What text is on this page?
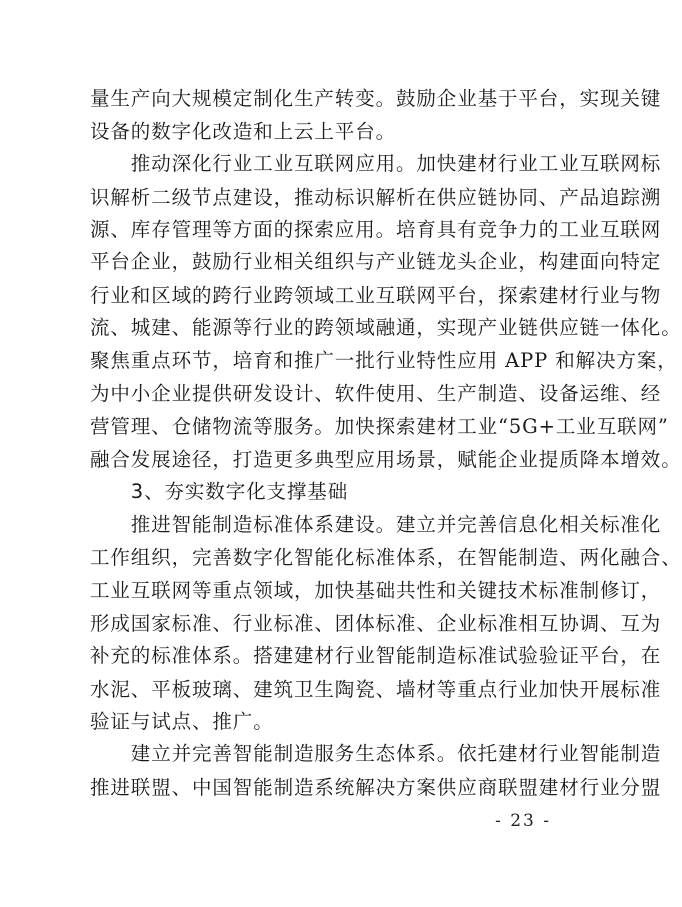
量生产向大规模定制化生产转变。鼓励企业基于平台，实现关键
设备的数字化改造和上云上平台。
　　推动深化行业工业互联网应用。加快建材行业工业互联网标
识解析二级节点建设，推动标识解析在供应链协同、产品追踪溯
源、库存管理等方面的探索应用。培育具有竞争力的工业互联网
平台企业，鼓励行业相关组织与产业链龙头企业，构建面向特定
行业和区域的跨行业跨领域工业互联网平台，探索建材行业与物
流、城建、能源等行业的跨领域融通，实现产业链供应链一体化。
聚焦重点环节，培育和推广一批行业特性应用 APP 和解决方案，
为中小企业提供研发设计、软件使用、生产制造、设备运维、经
营管理、仓储物流等服务。加快探索建材工业“5G+工业互联网”
融合发展途径，打造更多典型应用场景，赋能企业提质降本增效。
　　3、夯实数字化支撑基础
　　推进智能制造标准体系建设。建立并完善信息化相关标准化
工作组织，完善数字化智能化标准体系，在智能制造、两化融合、
工业互联网等重点领域，加快基础共性和关键技术标准制修订，
形成国家标准、行业标准、团体标准、企业标准相互协调、互为
补充的标准体系。搭建建材行业智能制造标准试验验证平台，在
水泥、平板玻璃、建筑卫生陶瓷、墙材等重点行业加快开展标准
验证与试点、推广。
　　建立并完善智能制造服务生态体系。依托建材行业智能制造
推进联盟、中国智能制造系统解决方案供应商联盟建材行业分盟
- 23 -
